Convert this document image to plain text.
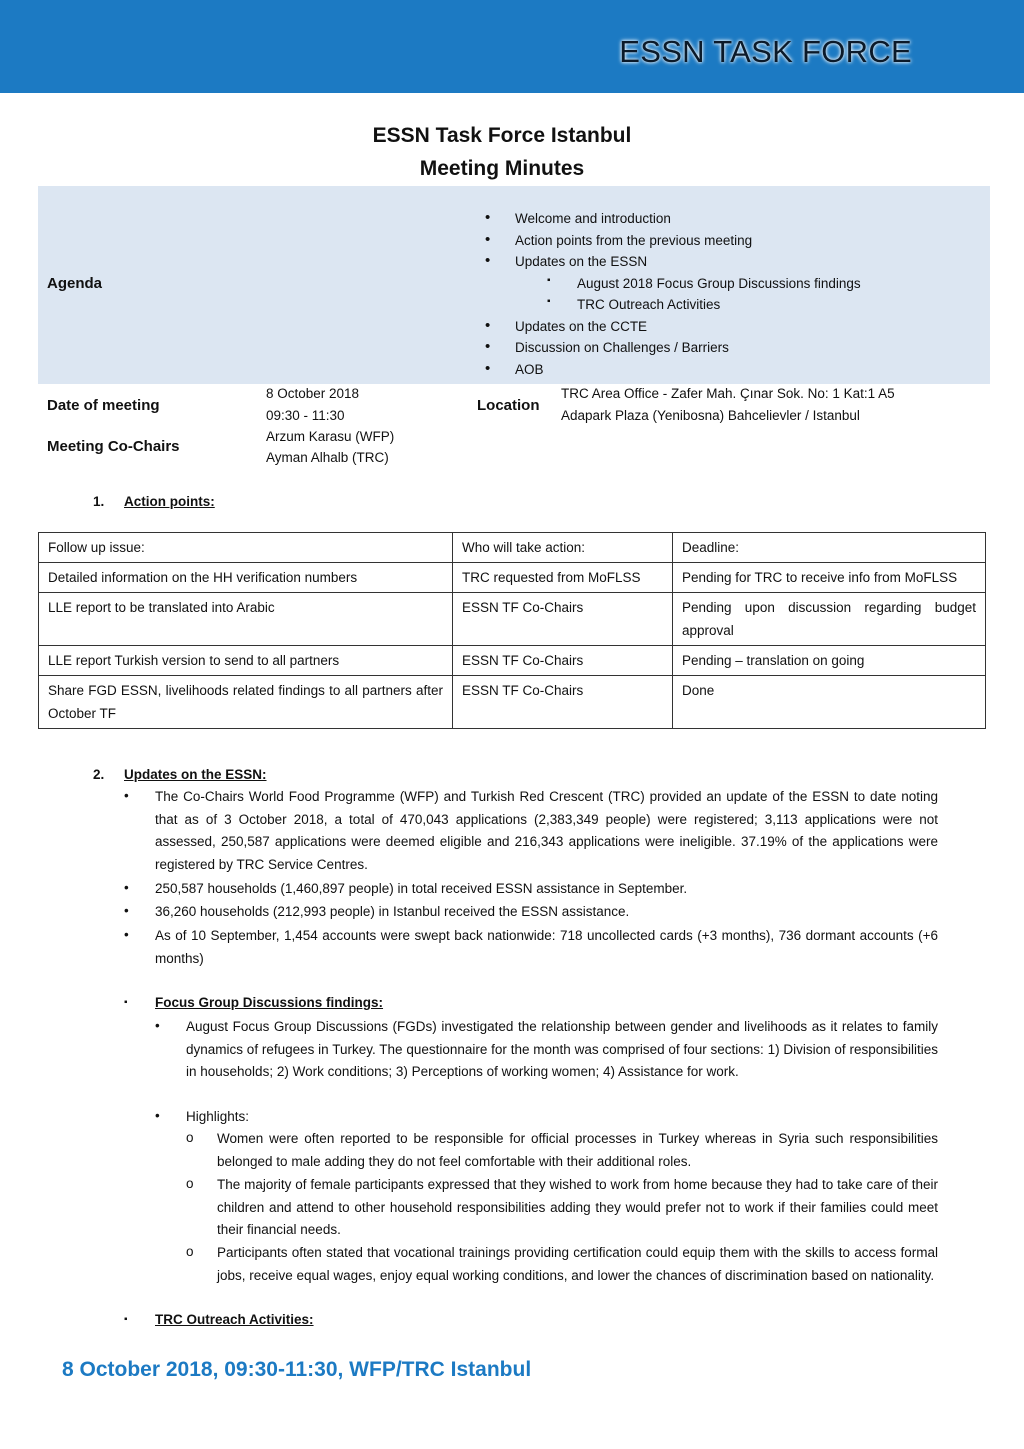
ESSN TASK FORCE
ESSN Task Force Istanbul
Meeting Minutes
Agenda
• Welcome and introduction
• Action points from the previous meeting
• Updates on the ESSN
▪ August 2018 Focus Group Discussions findings
▪ TRC Outreach Activities
• Updates on the CCTE
• Discussion on Challenges / Barriers
• AOB
Date of meeting
8 October 2018
09:30 - 11:30
Meeting Co-Chairs
Arzum Karasu (WFP)
Ayman Alhalb (TRC)
Location
TRC Area Office - Zafer Mah. Çınar Sok. No: 1 Kat:1 A5
Adapark Plaza (Yenibosna) Bahcelievler / Istanbul
1. Action points:
Follow up issue:	Who will take action:	Deadline:
Detailed information on the HH verification numbers	TRC requested from MoFLSS	Pending for TRC to receive info from MoFLSS
LLE report to be translated into Arabic	ESSN TF Co-Chairs	Pending upon discussion regarding budget approval
LLE report Turkish version to send to all partners	ESSN TF Co-Chairs	Pending – translation on going
Share FGD ESSN, livelihoods related findings to all partners after October TF	ESSN TF Co-Chairs	Done
2. Updates on the ESSN:
• The Co-Chairs World Food Programme (WFP) and Turkish Red Crescent (TRC) provided an update of the ESSN to date noting that as of 3 October 2018, a total of 470,043 applications (2,383,349 people) were registered; 3,113 applications were not assessed, 250,587 applications were deemed eligible and 216,343 applications were ineligible. 37.19% of the applications were registered by TRC Service Centres.
• 250,587 households (1,460,897 people) in total received ESSN assistance in September.
• 36,260 households (212,993 people) in Istanbul received the ESSN assistance.
• As of 10 September, 1,454 accounts were swept back nationwide: 718 uncollected cards (+3 months), 736 dormant accounts (+6 months)
▪ Focus Group Discussions findings:
• August Focus Group Discussions (FGDs) investigated the relationship between gender and livelihoods as it relates to family dynamics of refugees in Turkey. The questionnaire for the month was comprised of four sections: 1) Division of responsibilities in households; 2) Work conditions; 3) Perceptions of working women; 4) Assistance for work.
• Highlights:
o Women were often reported to be responsible for official processes in Turkey whereas in Syria such responsibilities belonged to male adding they do not feel comfortable with their additional roles.
o The majority of female participants expressed that they wished to work from home because they had to take care of their children and attend to other household responsibilities adding they would prefer not to work if their families could meet their financial needs.
o Participants often stated that vocational trainings providing certification could equip them with the skills to access formal jobs, receive equal wages, enjoy equal working conditions, and lower the chances of discrimination based on nationality.
▪ TRC Outreach Activities:
8 October 2018, 09:30-11:30, WFP/TRC Istanbul
